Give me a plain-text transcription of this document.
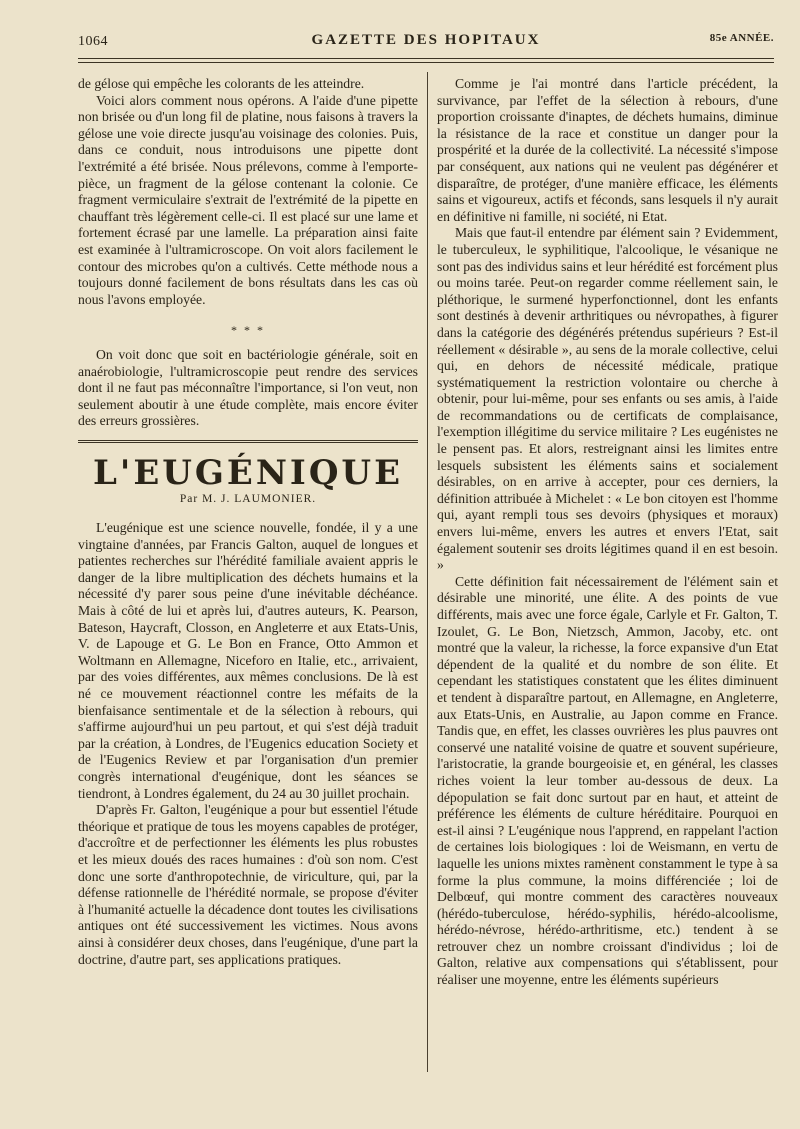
1064	GAZETTE DES HOPITAUX	85e ANNÉE.

de gélose qui empêche les colorants de les atteindre.

Voici alors comment nous opérons. A l'aide d'une pipette non brisée ou d'un long fil de platine, nous faisons à travers la gélose une voie directe jusqu'au voisinage des colonies. Puis, dans ce conduit, nous introduisons une pipette dont l'extrémité a été brisée. Nous prélevons, comme à l'emporte-pièce, un fragment de la gélose contenant la colonie. Ce fragment vermiculaire s'extrait de l'extrémité de la pipette en chauffant très légèrement celle-ci. Il est placé sur une lame et fortement écrasé par une lamelle. La préparation ainsi faite est examinée à l'ultramicroscope. On voit alors facilement le contour des microbes qu'on a cultivés. Cette méthode nous a toujours donné facilement de bons résultats dans les cas où nous l'avons employée.

* * *

On voit donc que soit en bactériologie générale, soit en anaérobiologie, l'ultramicroscopie peut rendre des services dont il ne faut pas méconnaître l'importance, si l'on veut, non seulement aboutir à une étude complète, mais encore éviter des erreurs grossières.

L'EUGÉNIQUE
Par M. J. LAUMONIER.

L'eugénique est une science nouvelle, fondée, il y a une vingtaine d'années, par Francis Galton, auquel de longues et patientes recherches sur l'hérédité familiale avaient appris le danger de la libre multiplication des déchets humains et la nécessité d'y parer sous peine d'une inévitable déchéance. Mais à côté de lui et après lui, d'autres auteurs, K. Pearson, Bateson, Haycraft, Closson, en Angleterre et aux Etats-Unis, V. de Lapouge et G. Le Bon en France, Otto Ammon et Woltmann en Allemagne, Niceforo en Italie, etc., arrivaient, par des voies différentes, aux mêmes conclusions. De là est né ce mouvement réactionnel contre les méfaits de la bienfaisance sentimentale et de la sélection à rebours, qui s'affirme aujourd'hui un peu partout, et qui s'est déjà traduit par la création, à Londres, de l'Eugenics education Society et de l'Eugenics Review et par l'organisation d'un premier congrès international d'eugénique, dont les séances se tiendront, à Londres également, du 24 au 30 juillet prochain.

D'après Fr. Galton, l'eugénique a pour but essentiel l'étude théorique et pratique de tous les moyens capables de protéger, d'accroître et de perfectionner les éléments les plus robustes et les mieux doués des races humaines : d'où son nom. C'est donc une sorte d'anthropotechnie, de viriculture, qui, par la défense rationnelle de l'hérédité normale, se propose d'éviter à l'humanité actuelle la décadence dont toutes les civilisations antiques ont été successivement les victimes. Nous avons ainsi à considérer deux choses, dans l'eugénique, d'une part la doctrine, d'autre part, ses applications pratiques.

Comme je l'ai montré dans l'article précédent, la survivance, par l'effet de la sélection à rebours, d'une proportion croissante d'inaptes, de déchets humains, diminue la résistance de la race et constitue un danger pour la prospérité et la durée de la collectivité. La nécessité s'impose par conséquent, aux nations qui ne veulent pas dégénérer et disparaître, de protéger, d'une manière efficace, les éléments sains et vigoureux, actifs et féconds, sans lesquels il n'y aurait en définitive ni famille, ni société, ni Etat.

Mais que faut-il entendre par élément sain ? Evidemment, le tuberculeux, le syphilitique, l'alcoolique, le vésanique ne sont pas des individus sains et leur hérédité est forcément plus ou moins tarée. Peut-on regarder comme réellement sain, le pléthorique, le surmené hyperfonctionnel, dont les enfants sont destinés à devenir arthritiques ou névropathes, à figurer dans la catégorie des dégénérés prétendus supérieurs ? Est-il réellement « désirable », au sens de la morale collective, celui qui, en dehors de nécessité médicale, pratique systématiquement la restriction volontaire ou cherche à obtenir, pour lui-même, pour ses enfants ou ses amis, à l'aide de recommandations ou de certificats de complaisance, l'exemption illégitime du service militaire ? Les eugénistes ne le pensent pas. Et alors, restreignant ainsi les limites entre lesquels subsistent les éléments sains et socialement désirables, on en arrive à accepter, pour ces derniers, la définition attribuée à Michelet : « Le bon citoyen est l'homme qui, ayant rempli tous ses devoirs (physiques et moraux) envers lui-même, envers les autres et envers l'Etat, sait également soutenir ses droits légitimes quand il en est besoin. »

Cette définition fait nécessairement de l'élément sain et désirable une minorité, une élite. A des points de vue différents, mais avec une force égale, Carlyle et Fr. Galton, T. Izoulet, G. Le Bon, Nietzsch, Ammon, Jacoby, etc. ont montré que la valeur, la richesse, la force expansive d'un Etat dépendent de la qualité et du nombre de son élite. Et cependant les statistiques constatent que les élites diminuent et tendent à disparaître partout, en Allemagne, en Angleterre, aux Etats-Unis, en Australie, au Japon comme en France. Tandis que, en effet, les classes ouvrières les plus pauvres ont conservé une natalité voisine de quatre et souvent supérieure, l'aristocratie, la grande bourgeoisie et, en général, les classes riches voient la leur tomber au-dessous de deux. La dépopulation se fait donc surtout par en haut, et atteint de préférence les éléments de culture héréditaire. Pourquoi en est-il ainsi ? L'eugénique nous l'apprend, en rappelant l'action de certaines lois biologiques : loi de Weismann, en vertu de laquelle les unions mixtes ramènent constamment le type à sa forme la plus commune, la moins différenciée ; loi de Delbœuf, qui montre comment des caractères nouveaux (hérédo-tuberculose, hérédo-syphilis, hérédo-alcoolisme, hérédo-névrose, hérédo-arthritisme, etc.) tendent à se retrouver chez un nombre croissant d'individus ; loi de Galton, relative aux compensations qui s'établissent, pour réaliser une moyenne, entre les éléments supérieurs
